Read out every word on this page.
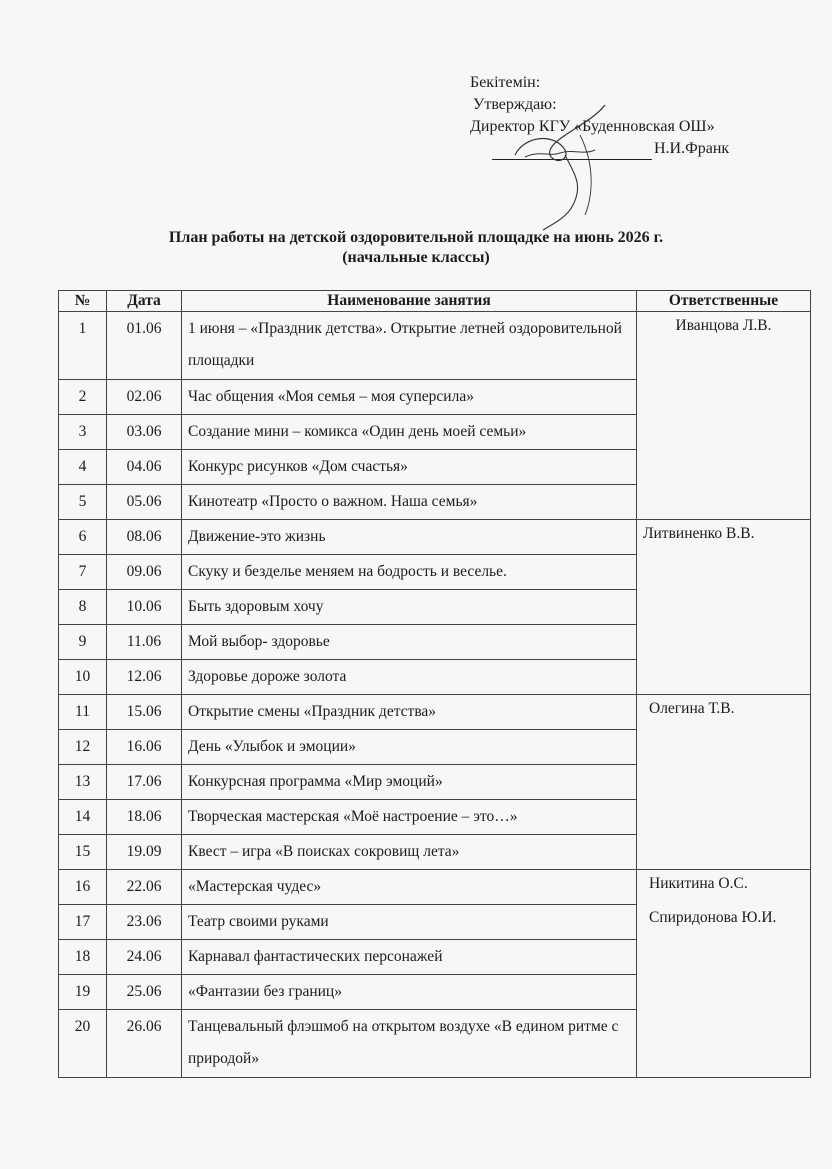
Бекітемін:
Утверждаю:
Директор КГУ «Буденновская ОШ»
Н.И.Франк
План работы на детской оздоровительной площадке на июнь 2026 г.
(начальные классы)
№	Дата	Наименование занятия	Ответственные
1	01.06	1 июня – «Праздник детства». Открытие летней оздоровительной площадки	Иванцова Л.В.

2	02.06	Час общения «Моя семья – моя суперсила»	
3	03.06	Создание мини – комикса «Один день моей семьи»	
4	04.06	Конкурс рисунков «Дом счастья»	
5	05.06	Кинотеатр «Просто о важном. Наша семья»	
6	08.06	Движение-это жизнь	Литвиненко В.В.

7	09.06	Скуку и безделье меняем на бодрость и веселье.	
8	10.06	Быть здоровым хочу	
9	11.06	Мой выбор- здоровье	
10	12.06	Здоровье дороже золота	
11	15.06	Открытие смены «Праздник детства»	Олегина Т.В.

12	16.06	День «Улыбок и эмоции»	
13	17.06	Конкурсная программа «Мир эмоций»	
14	18.06	Творческая мастерская «Моё настроение – это…»	
15	19.09	Квест – игра «В поисках сокровищ лета»	
16	22.06	«Мастерская чудес»	Никитина О.С.
Спиридонова Ю.И.

17	23.06	Театр своими руками	
18	24.06	Карнавал фантастических персонажей	
19	25.06	«Фантазии без границ»	
20	26.06	Танцевальный флэшмоб на открытом воздухе «В едином ритме с природой»	
